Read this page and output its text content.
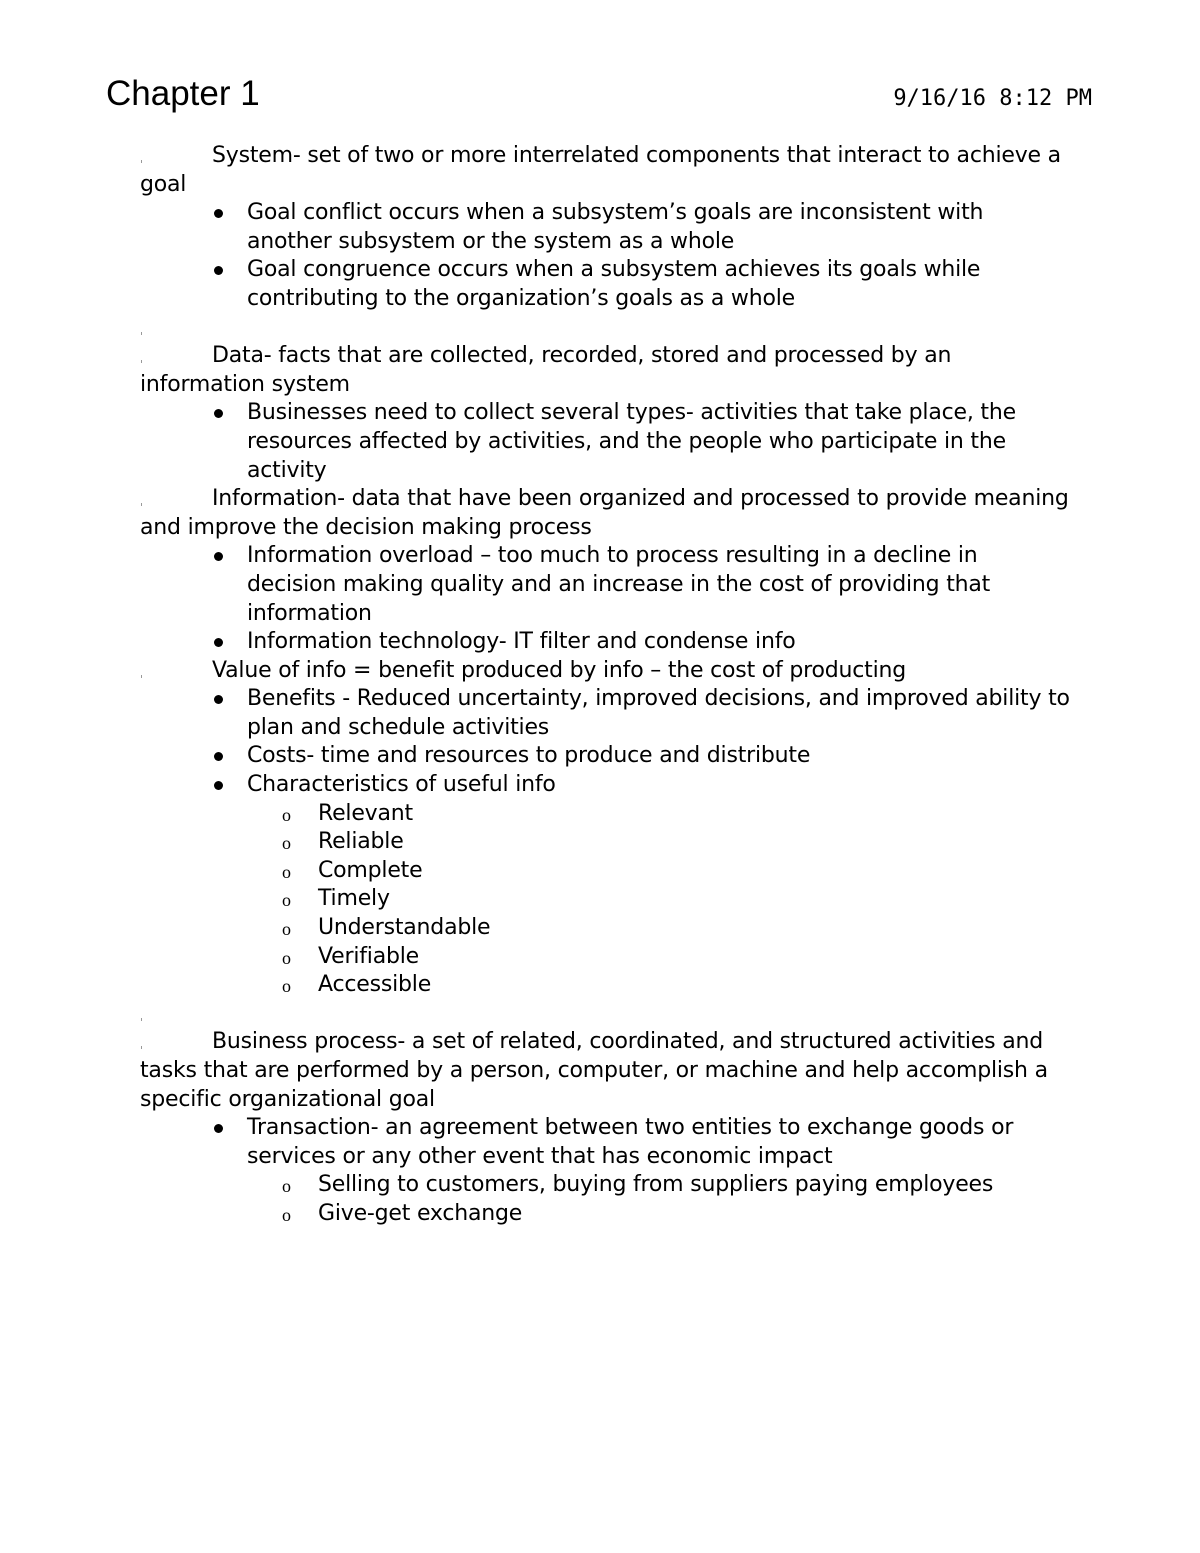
Chapter 1	9/16/16 8:12 PM

System- set of two or more interrelated components that interact to achieve a goal

Goal conflict occurs when a subsystem’s goals are inconsistent with another subsystem or the system as a whole
Goal congruence occurs when a subsystem achieves its goals while contributing to the organization’s goals as a whole

Data- facts that are collected, recorded, stored and processed by an information system

Businesses need to collect several types- activities that take place, the resources affected by activities, and the people who participate in the activity

Information- data that have been organized and processed to provide meaning and improve the decision making process

Information overload – too much to process resulting in a decline in decision making quality and an increase in the cost of providing that information
Information technology- IT filter and condense info

Value of info = benefit produced by info – the cost of producting

Benefits - Reduced uncertainty, improved decisions, and improved ability to plan and schedule activities
Costs- time and resources to produce and distribute
Characteristics of useful info
o Relevant
o Reliable
o Complete
o Timely
o Understandable
o Verifiable
o Accessible

Business process- a set of related, coordinated, and structured activities and tasks that are performed by a person, computer, or machine and help accomplish a specific organizational goal

Transaction- an agreement between two entities to exchange goods or services or any other event that has economic impact
o Selling to customers, buying from suppliers paying employees
o Give-get exchange
